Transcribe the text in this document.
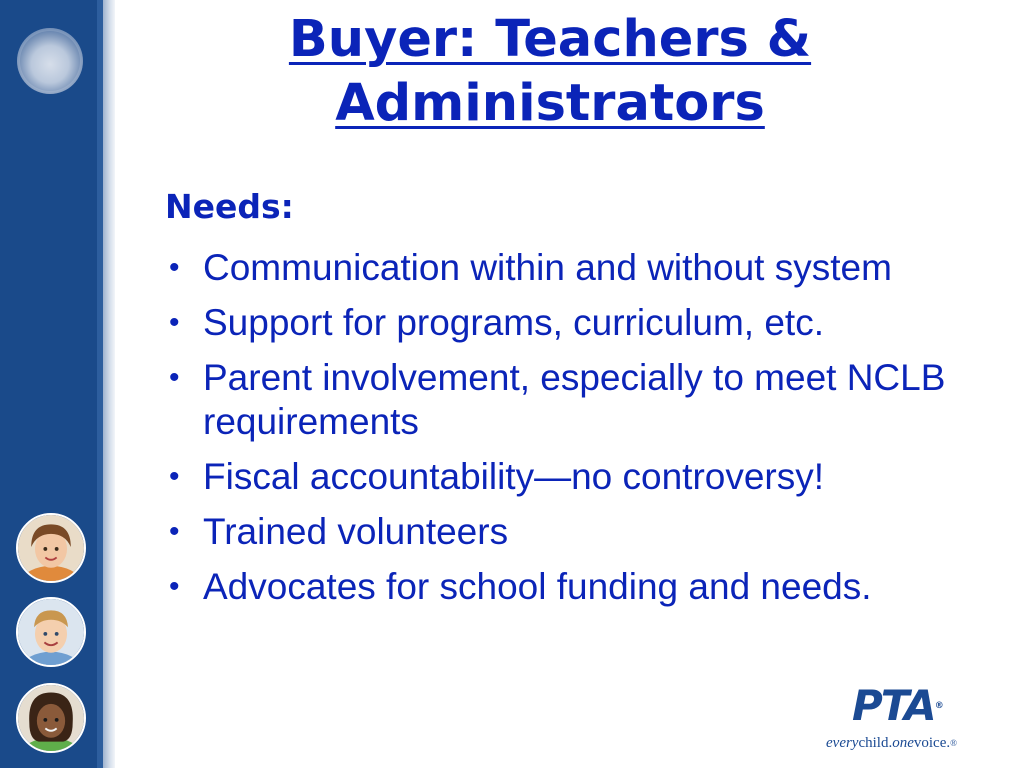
Buyer: Teachers &
Administrators
Needs:
• Communication within and without system
• Support for programs, curriculum, etc.
• Parent involvement, especially to meet NCLB requirements
• Fiscal accountability—no controversy!
• Trained volunteers
• Advocates for school funding and needs.
PTA®
everychild.onevoice.®
